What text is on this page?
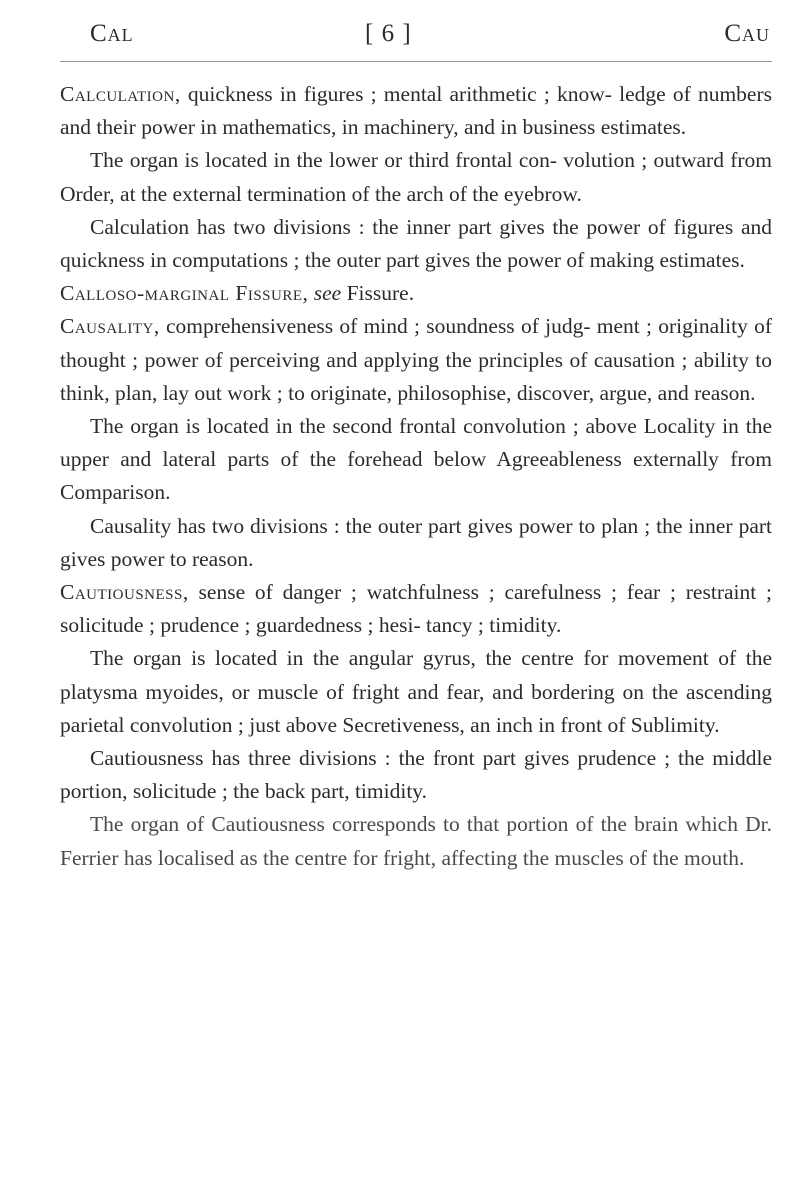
Cal	[ 6 ]	Cau

Calculation, quickness in figures ; mental arithmetic ; know- ledge of numbers and their power in mathematics, in machinery, and in business estimates.

The organ is located in the lower or third frontal con- volution ; outward from Order, at the external termination of the arch of the eyebrow.

Calculation has two divisions : the inner part gives the power of figures and quickness in computations ; the outer part gives the power of making estimates.

Calloso-marginal Fissure, see Fissure.

Causality, comprehensiveness of mind ; soundness of judg- ment ; originality of thought ; power of perceiving and applying the principles of causation ; ability to think, plan, lay out work ; to originate, philosophise, discover, argue, and reason.

The organ is located in the second frontal convolution ; above Locality in the upper and lateral parts of the forehead below Agreeableness externally from Comparison.

Causality has two divisions : the outer part gives power to plan ; the inner part gives power to reason.

Cautiousness, sense of danger ; watchfulness ; carefulness ; fear ; restraint ; solicitude ; prudence ; guardedness ; hesi- tancy ; timidity.

The organ is located in the angular gyrus, the centre for movement of the platysma myoides, or muscle of fright and fear, and bordering on the ascending parietal convolution ; just above Secretiveness, an inch in front of Sublimity.

Cautiousness has three divisions : the front part gives prudence ; the middle portion, solicitude ; the back part, timidity.

The organ of Cautiousness corresponds to that portion of the brain which Dr. Ferrier has localised as the centre for fright, affecting the muscles of the mouth.
